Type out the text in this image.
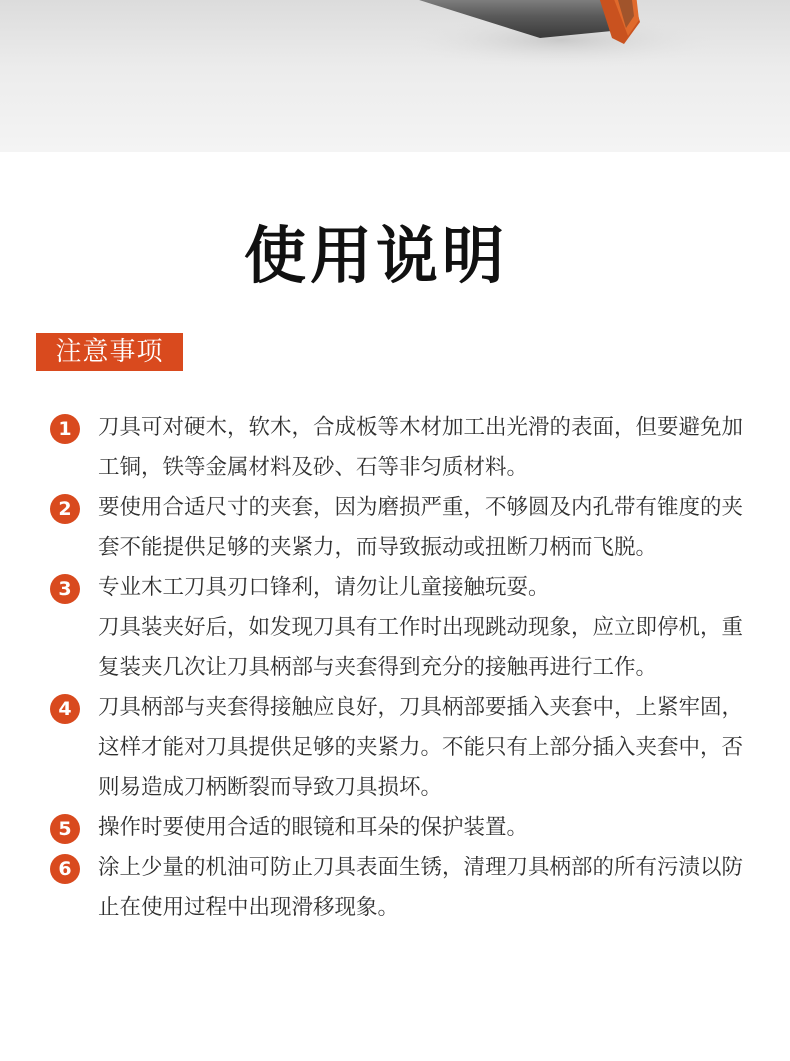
使用说明
注意事项
1	刀具可对硬木，软木，合成板等木材加工出光滑的表面，但要避免加工铜，铁等金属材料及砂、石等非匀质材料。
2	要使用合适尺寸的夹套，因为磨损严重，不够圆及内孔带有锥度的夹套不能提供足够的夹紧力，而导致振动或扭断刀柄而飞脱。
3	专业木工刀具刃口锋利，请勿让儿童接触玩耍。
刀具装夹好后，如发现刀具有工作时出现跳动现象，应立即停机，重复装夹几次让刀具柄部与夹套得到充分的接触再进行工作。
4	刀具柄部与夹套得接触应良好，刀具柄部要插入夹套中，上紧牢固，这样才能对刀具提供足够的夹紧力。不能只有上部分插入夹套中，否则易造成刀柄断裂而导致刀具损坏。
5	操作时要使用合适的眼镜和耳朵的保护装置。
6	涂上少量的机油可防止刀具表面生锈，清理刀具柄部的所有污渍以防止在使用过程中出现滑移现象。
